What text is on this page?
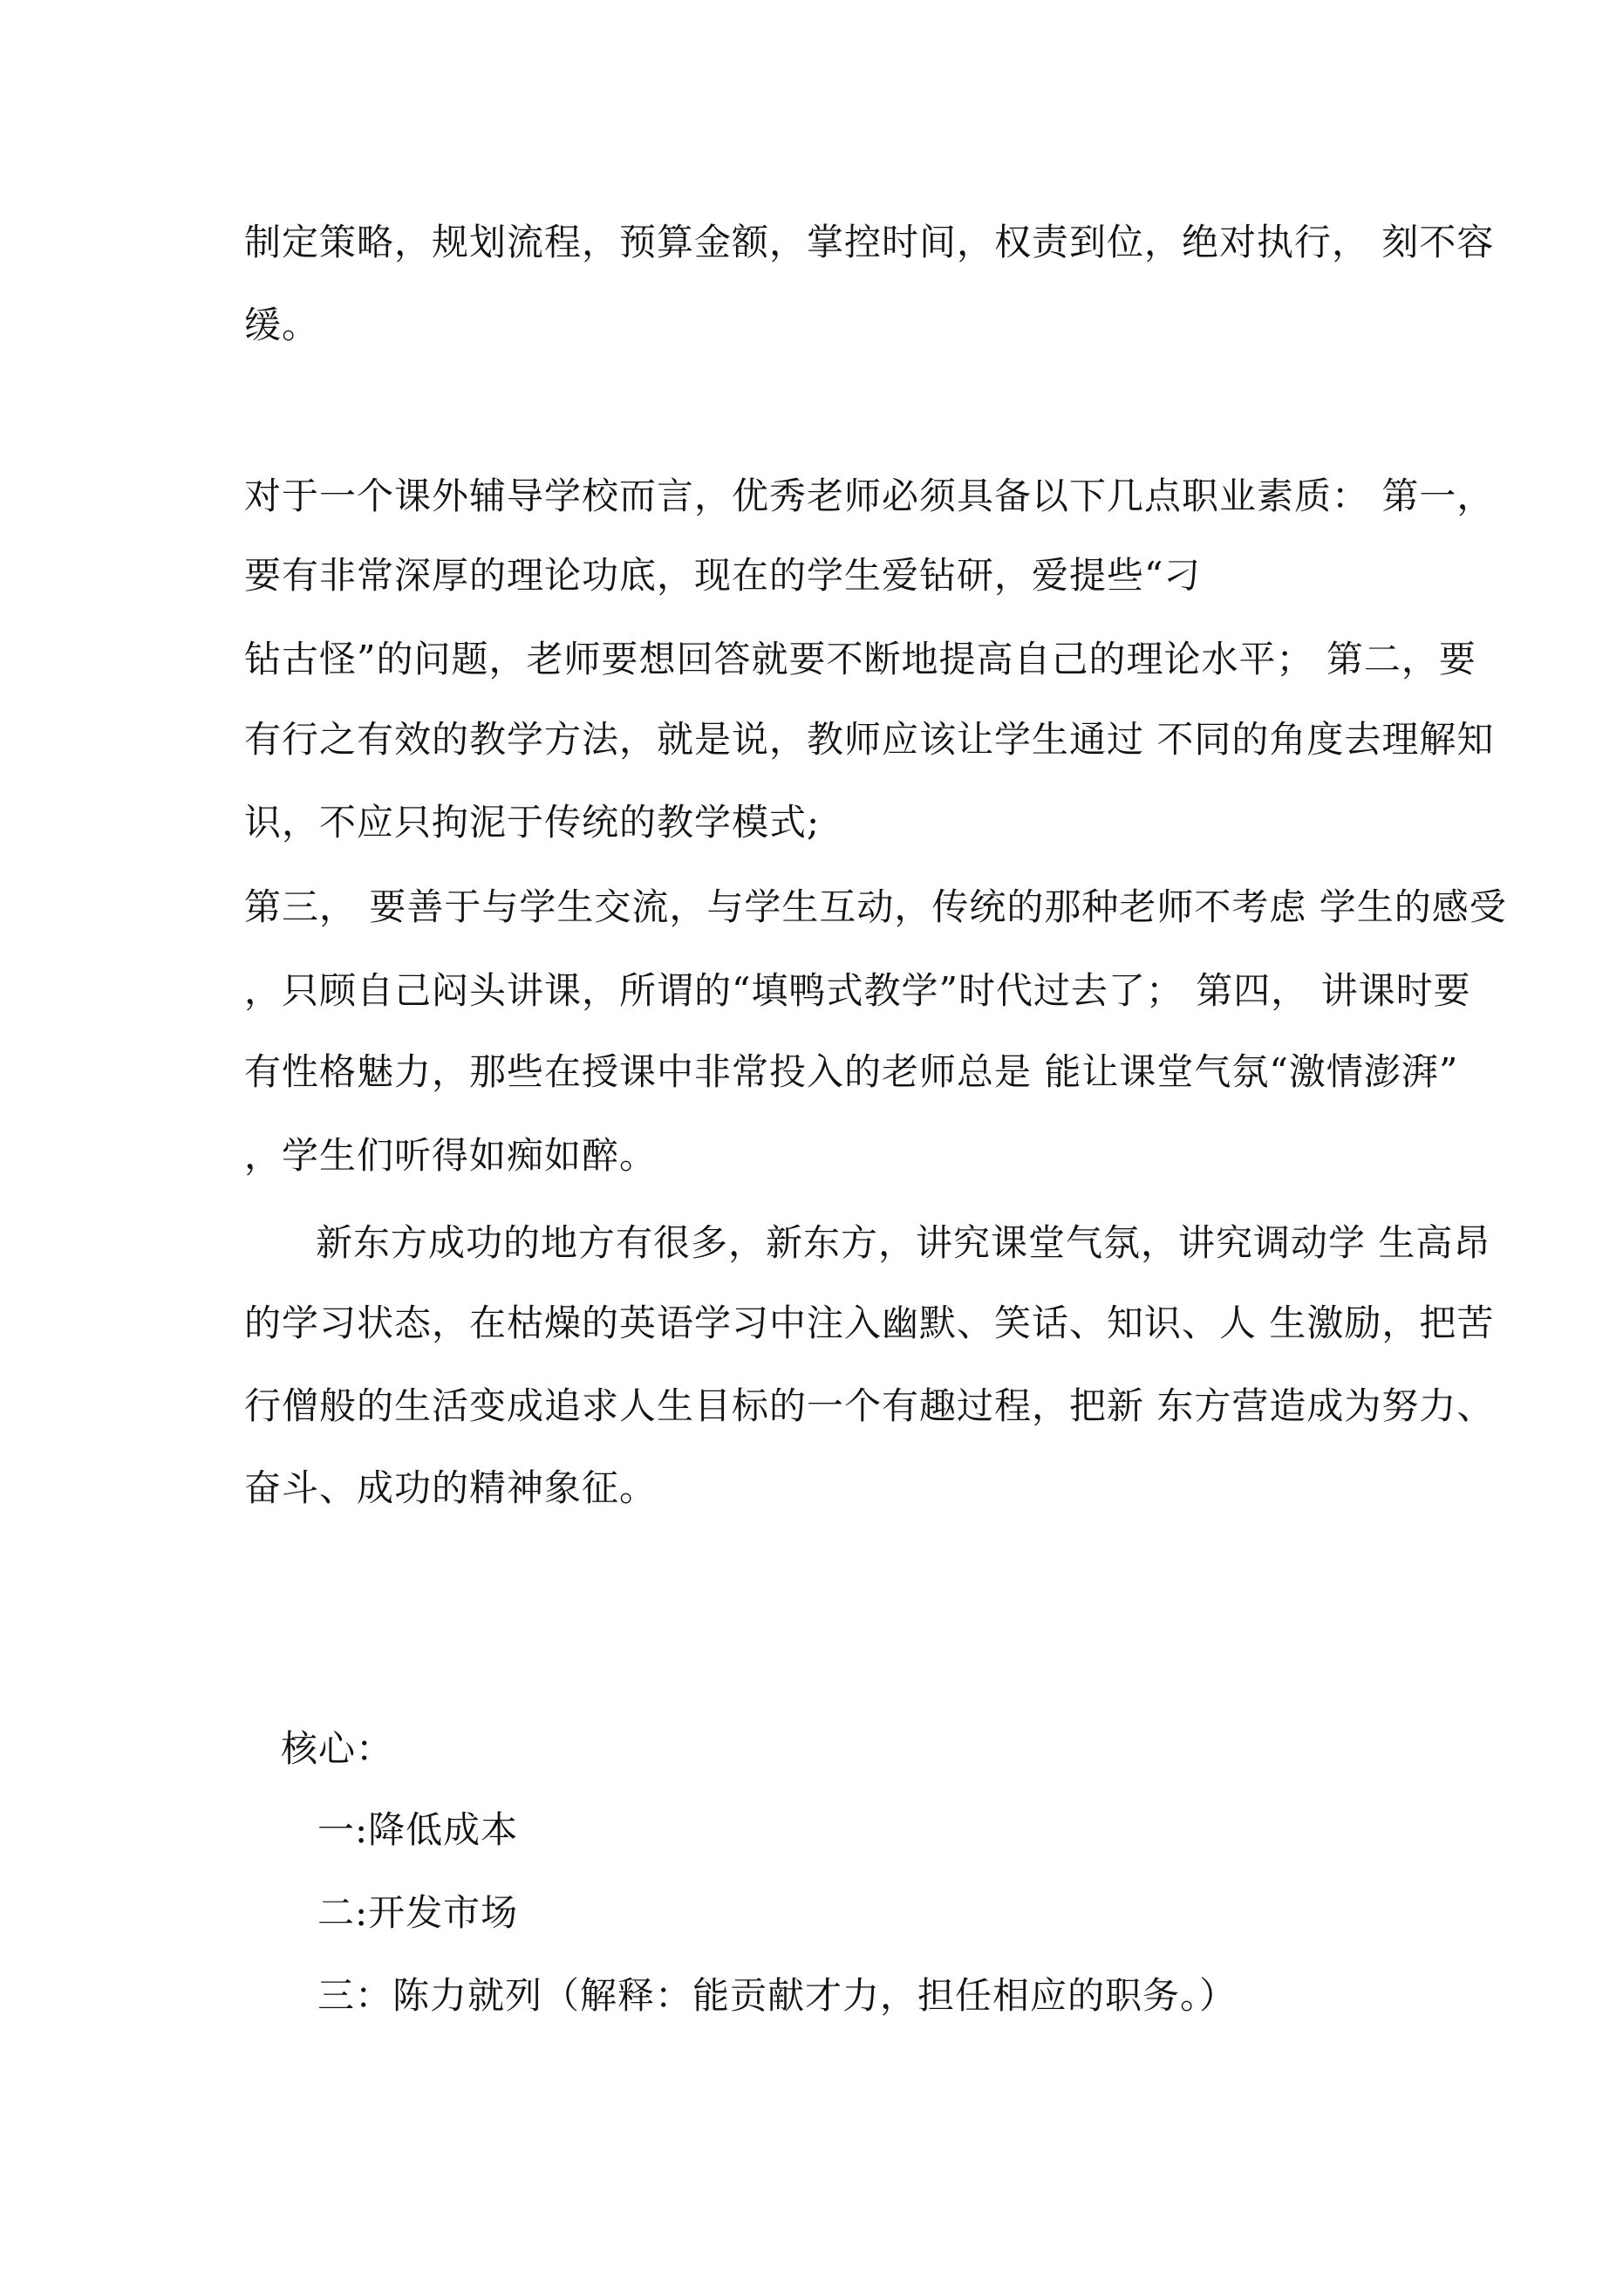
制定策略，规划流程，预算金额，掌控时间，权责到位，绝对执行， 刻不容
缓。
对于一个课外辅导学校而言，优秀老师必须具备以下几点职业素质： 第一，
要有非常深厚的理论功底，现在的学生爱钻研，爱提些“刁
钻古怪”的问题，老师要想回答就要不断地提高自己的理论水平； 第二，要
有行之有效的教学方法，就是说，教师应该让学生通过 不同的角度去理解知
识，不应只拘泥于传统的教学模式;
第三， 要善于与学生交流，与学生互动，传统的那种老师不考虑 学生的感受
，只顾自己闷头讲课，所谓的“填鸭式教学”时代过去了； 第四， 讲课时要
有性格魅力，那些在授课中非常投入的老师总是 能让课堂气氛“激情澎湃”
，学生们听得如痴如醉。
新东方成功的地方有很多，新东方，讲究课堂气氛，讲究调动学 生高昂
的学习状态，在枯燥的英语学习中注入幽默、笑话、知识、人 生激励，把苦
行僧般的生活变成追求人生目标的一个有趣过程，把新 东方营造成为努力、
奋斗、成功的精神象征。
核心：
一:降低成本
二:开发市场
三：陈力就列（解释：能贡献才力，担任相应的职务。）
